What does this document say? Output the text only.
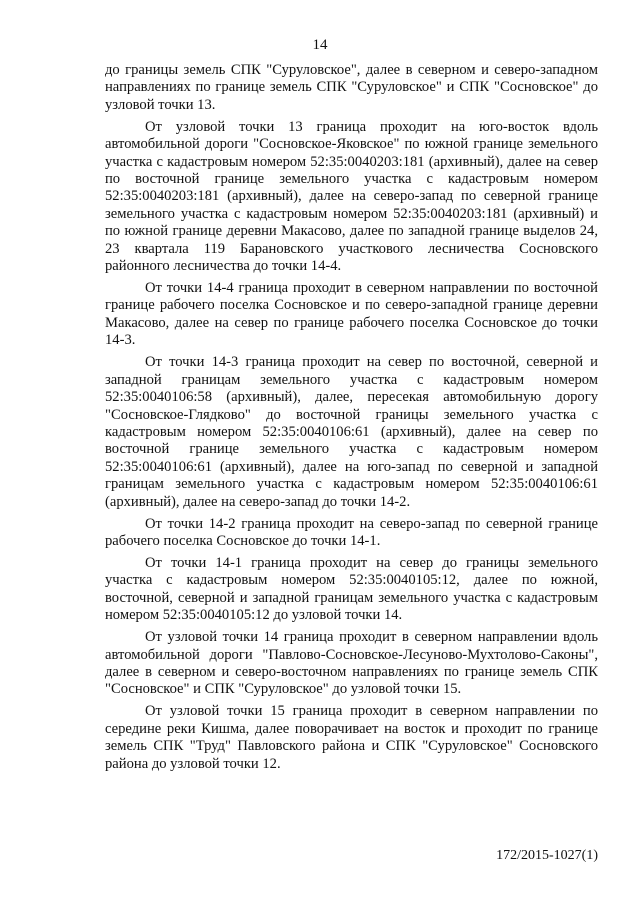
14

до границы земель СПК "Суруловское", далее в северном и северо-западном направлениях по границе земель СПК "Суруловское" и СПК "Сосновское" до узловой точки 13.

От узловой точки 13 граница проходит на юго-восток вдоль автомобильной дороги "Сосновское-Яковское" по южной границе земельного участка с кадастровым номером 52:35:0040203:181 (архивный), далее на север по восточной границе земельного участка с кадастровым номером 52:35:0040203:181 (архивный), далее на северо-запад по северной границе земельного участка с кадастровым номером 52:35:0040203:181 (архивный) и по южной границе деревни Макасово, далее по западной границе выделов 24, 23 квартала 119 Барановского участкового лесничества Сосновского районного лесничества до точки 14-4.

От точки 14-4 граница проходит в северном направлении по восточной границе рабочего поселка Сосновское и по северо-западной границе деревни Макасово, далее на север по границе рабочего поселка Сосновское до точки 14-3.

От точки 14-3 граница проходит на север по восточной, северной и западной границам земельного участка с кадастровым номером 52:35:0040106:58 (архивный), далее, пересекая автомобильную дорогу "Сосновское-Глядково" до восточной границы земельного участка с кадастровым номером 52:35:0040106:61 (архивный), далее на север по восточной границе земельного участка с кадастровым номером 52:35:0040106:61 (архивный), далее на юго-запад по северной и западной границам земельного участка с кадастровым номером 52:35:0040106:61 (архивный), далее на северо-запад до точки 14-2.

От точки 14-2 граница проходит на северо-запад по северной границе рабочего поселка Сосновское до точки 14-1.

От точки 14-1 граница проходит на север до границы земельного участка с кадастровым номером 52:35:0040105:12, далее по южной, восточной, северной и западной границам земельного участка с кадастровым номером 52:35:0040105:12 до узловой точки 14.

От узловой точки 14 граница проходит в северном направлении вдоль автомобильной дороги "Павлово-Сосновское-Лесуново-Мухтолово-Саконы", далее в северном и северо-восточном направлениях по границе земель СПК "Сосновское" и СПК "Суруловское" до узловой точки 15.

От узловой точки 15 граница проходит в северном направлении по середине реки Кишма, далее поворачивает на восток и проходит по границе земель СПК "Труд" Павловского района и СПК "Суруловское" Сосновского района до узловой точки 12.

172/2015-1027(1)
